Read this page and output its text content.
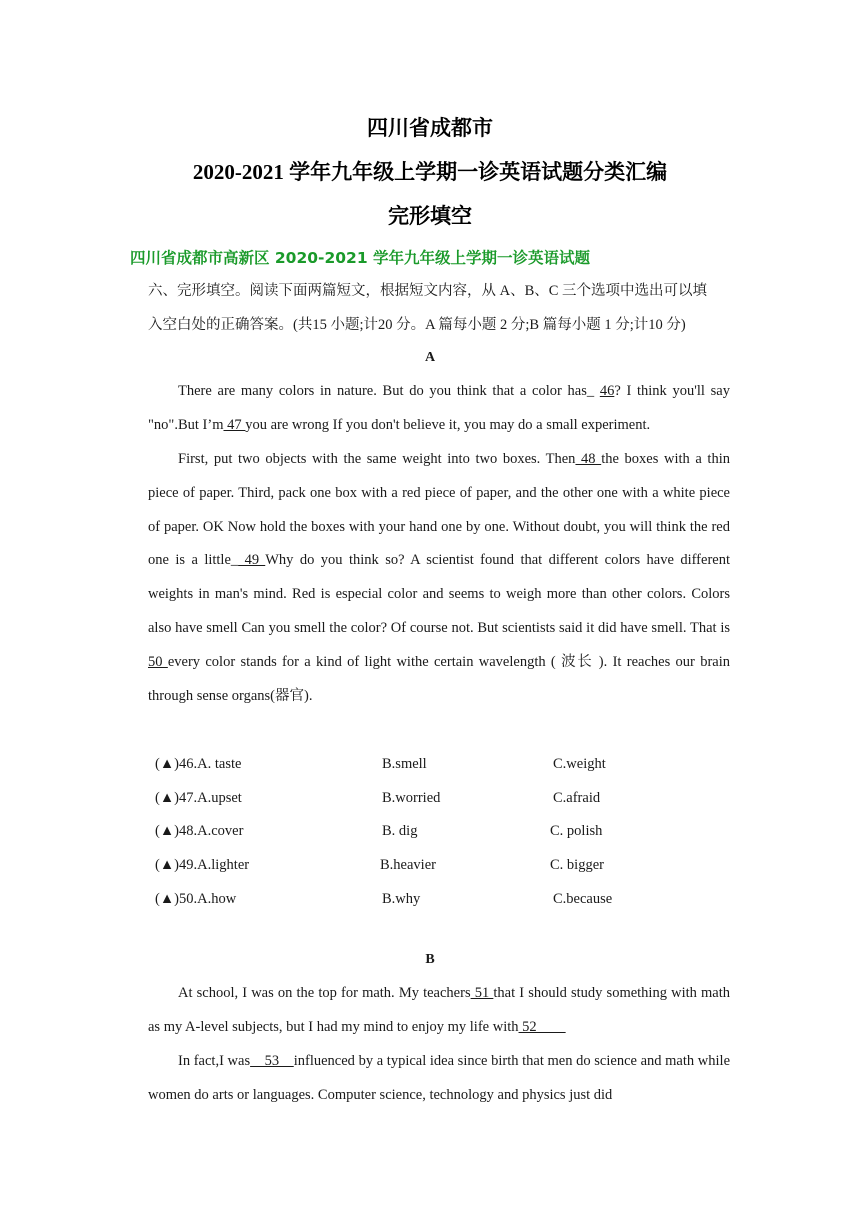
四川省成都市
2020-2021 学年九年级上学期一诊英语试题分类汇编
完形填空
四川省成都市高新区 2020-2021 学年九年级上学期一诊英语试题
六、完形填空。阅读下面两篇短文，根据短文内容，从 A、B、C 三个选项中选出可以填
入空白处的正确答案。(共15 小题;计20 分。A 篇每小题 2 分;B 篇每小题 1 分;计10 分)
A
There are many colors in nature. But do you think that a color has_ 46? I think you'll say "no".But I’m 47 you are wrong If you don't believe it, you may do a small experiment.
First, put two objects with the same weight into two boxes. Then 48 the boxes with a thin piece of paper. Third, pack one box with a red piece of paper, and the other one with a white piece of paper. OK Now hold the boxes with your hand one by one. Without doubt, you will think the red one is a little_ 49 Why do you think so? A scientist found that different colors have different weights in man's mind. Red is especial color and seems to weigh more than other colors. Colors also have smell Can you smell the color? Of course not. But scientists said it did have smell. That is 50 every color stands for a kind of light withe certain wavelength ( 波长 ). It reaches our brain through sense organs(器官).
(▲)46.A. taste	B.smell	C.weight
(▲)47.A.upset	B.worried	C.afraid
(▲)48.A.cover	B. dig	C. polish
(▲)49.A.lighter	B.heavier	C. bigger
(▲)50.A.how	B.why	C.because
B
At school, I was on the top for math. My teachers 51 that I should study something with math as my A-level subjects, but I had my mind to enjoy my life with 52
In fact,I was    53    influenced by a typical idea since birth that men do science and math while women do arts or languages. Computer science, technology and physics just did
